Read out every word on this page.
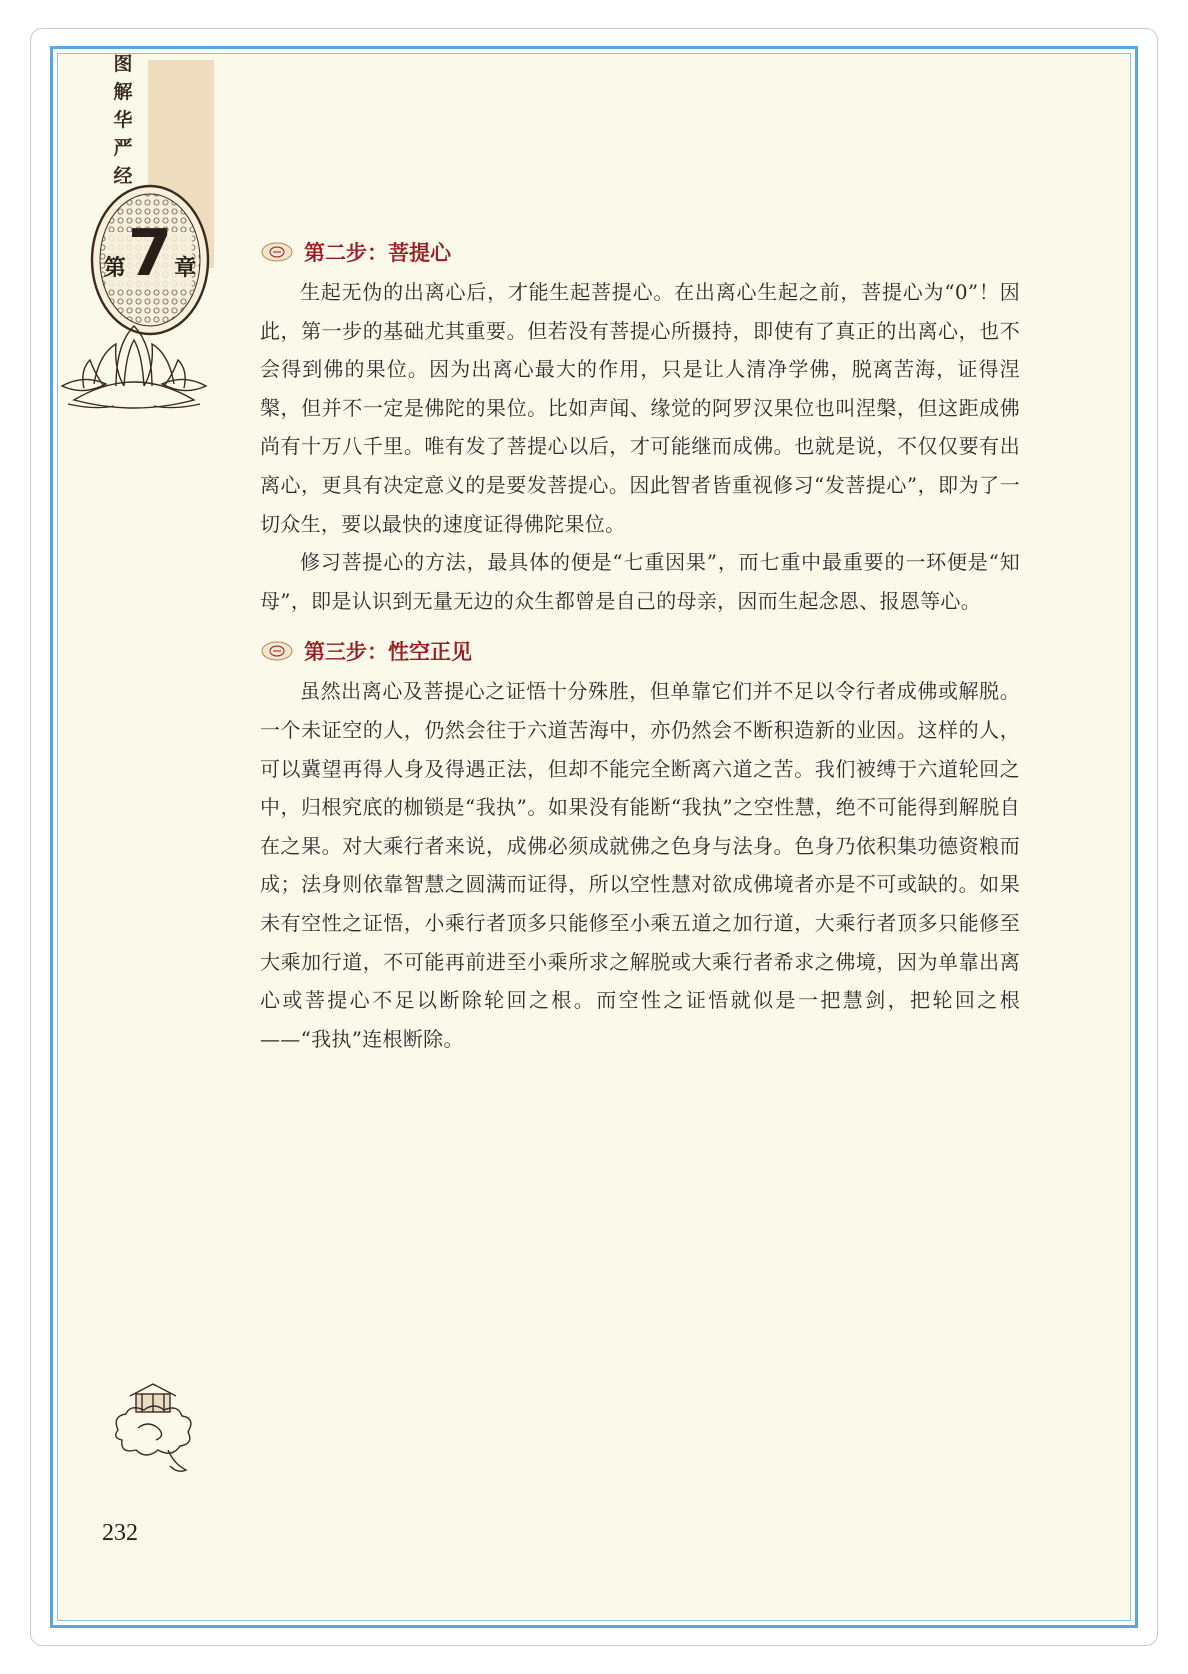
图
解
华
严
经
第 7 章
第二步：菩提心

生起无伪的出离心后，才能生起菩提心。在出离心生起之前，菩提心为“0”！因此，第一步的基础尤其重要。但若没有菩提心所摄持，即使有了真正的出离心，也不会得到佛的果位。因为出离心最大的作用，只是让人清净学佛，脱离苦海，证得涅槃，但并不一定是佛陀的果位。比如声闻、缘觉的阿罗汉果位也叫涅槃，但这距成佛尚有十万八千里。唯有发了菩提心以后，才可能继而成佛。也就是说，不仅仅要有出离心，更具有决定意义的是要发菩提心。因此智者皆重视修习“发菩提心”，即为了一切众生，要以最快的速度证得佛陀果位。

修习菩提心的方法，最具体的便是“七重因果”，而七重中最重要的一环便是“知母”，即是认识到无量无边的众生都曾是自己的母亲，因而生起念恩、报恩等心。

第三步：性空正见

虽然出离心及菩提心之证悟十分殊胜，但单靠它们并不足以令行者成佛或解脱。一个未证空的人，仍然会往于六道苦海中，亦仍然会不断积造新的业因。这样的人，可以冀望再得人身及得遇正法，但却不能完全断离六道之苦。我们被缚于六道轮回之中，归根究底的枷锁是“我执”。如果没有能断“我执”之空性慧，绝不可能得到解脱自在之果。对大乘行者来说，成佛必须成就佛之色身与法身。色身乃依积集功德资粮而成；法身则依靠智慧之圆满而证得，所以空性慧对欲成佛境者亦是不可或缺的。如果未有空性之证悟，小乘行者顶多只能修至小乘五道之加行道，大乘行者顶多只能修至大乘加行道，不可能再前进至小乘所求之解脱或大乘行者希求之佛境，因为单靠出离心或菩提心不足以断除轮回之根。而空性之证悟就似是一把慧剑，把轮回之根——“我执”连根断除。

232
